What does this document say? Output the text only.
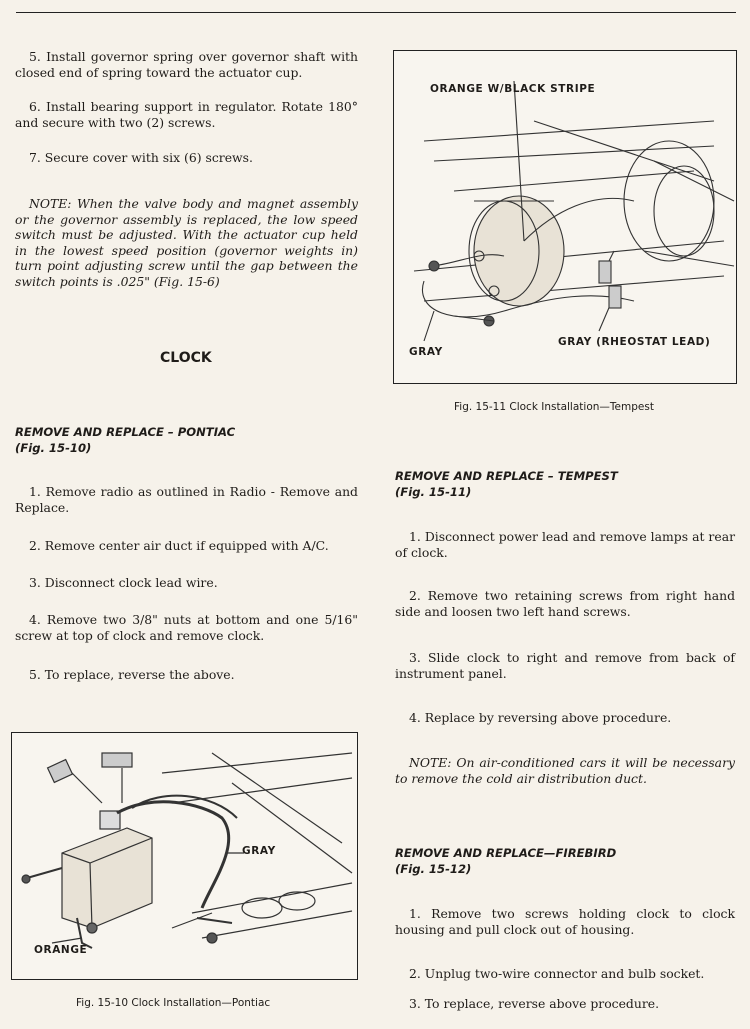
5. Install governor spring over governor shaft with closed end of spring toward the actuator cup.

6. Install bearing support in regulator. Rotate 180° and secure with two (2) screws.

7. Secure cover with six (6) screws.

NOTE: When the valve body and magnet assembly or the governor assembly is replaced, the low speed switch must be adjusted. With the actuator cup held in the lowest speed position (governor weights in) turn point adjusting screw until the gap between the switch points is .025" (Fig. 15-6)

CLOCK
REMOVE AND REPLACE – PONTIAC
(Fig. 15-10)

1. Remove radio as outlined in Radio - Remove and Replace.

2. Remove center air duct if equipped with A/C.

3. Disconnect clock lead wire.

4. Remove two 3/8" nuts at bottom and one 5/16" screw at top of clock and remove clock.

5. To replace, reverse the above.

GRAY
ORANGE
Fig. 15-10 Clock Installation—Pontiac
ORANGE W/BLACK STRIPE
GRAY (RHEOSTAT LEAD)
GRAY
Fig. 15-11 Clock Installation—Tempest
REMOVE AND REPLACE – TEMPEST
(Fig. 15-11)

1. Disconnect power lead and remove lamps at rear of clock.

2. Remove two retaining screws from right hand side and loosen two left hand screws.

3. Slide clock to right and remove from back of instrument panel.

4. Replace by reversing above procedure.

NOTE: On air-conditioned cars it will be necessary to remove the cold air distribution duct.

REMOVE AND REPLACE—FIREBIRD
(Fig. 15-12)

1. Remove two screws holding clock to clock housing and pull clock out of housing.

2. Unplug two-wire connector and bulb socket.

3. To replace, reverse above procedure.
